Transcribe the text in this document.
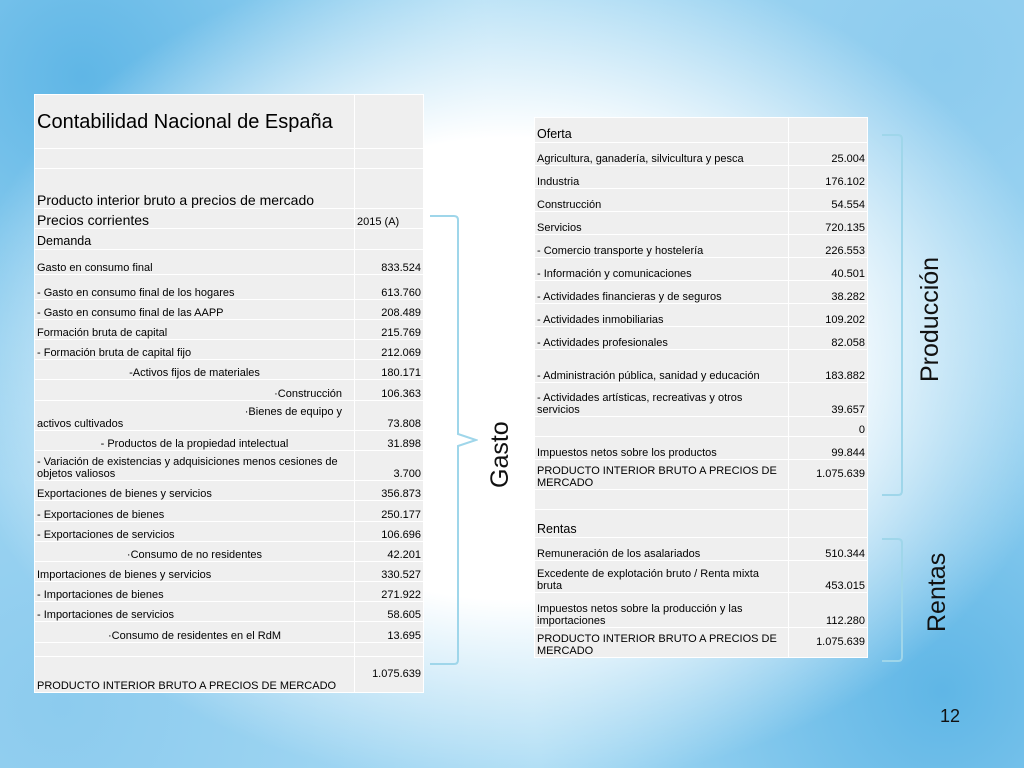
Contabilidad Nacional de España	

Producto interior bruto a precios de mercado	
Precios corrientes	2015 (A)
Demanda	
Gasto en consumo final	833.524
- Gasto en consumo final de los hogares	613.760
- Gasto en consumo final de las AAPP	208.489
Formación bruta de capital	215.769
- Formación bruta de capital fijo	212.069
-Activos fijos de materiales	180.171
·Construcción	106.363

·Bienes de equipo y
activos cultivados	73.808
- Productos de la propiedad intelectual	31.898
- Variación de existencias y adquisiciones menos cesiones de objetos valiosos	3.700
Exportaciones de bienes y servicios	356.873
- Exportaciones de bienes	250.177
- Exportaciones de servicios	106.696
·Consumo de no residentes	42.201
Importaciones de bienes y servicios	330.527
- Importaciones de bienes	271.922
- Importaciones de servicios	58.605
·Consumo de residentes en el RdM	13.695

PRODUCTO INTERIOR BRUTO A PRECIOS DE MERCADO	1.075.639
Oferta	
Agricultura, ganadería, silvicultura y pesca	25.004
Industria	176.102
Construcción	54.554
Servicios	720.135
- Comercio transporte y hostelería	226.553
- Información y comunicaciones	40.501
- Actividades financieras y de seguros	38.282
- Actividades inmobiliarias	109.202
- Actividades profesionales	82.058
- Administración pública, sanidad y educación	183.882
- Actividades artísticas, recreativas y otros servicios	39.657
	0
Impuestos netos sobre los productos	99.844
PRODUCTO INTERIOR BRUTO A PRECIOS DE MERCADO	1.075.639

Rentas	
Remuneración de los asalariados	510.344
Excedente de explotación bruto / Renta mixta bruta	453.015
Impuestos netos sobre la producción y las importaciones	112.280
PRODUCTO INTERIOR BRUTO A PRECIOS DE MERCADO	1.075.639
Gasto
Producción
Rentas
12
